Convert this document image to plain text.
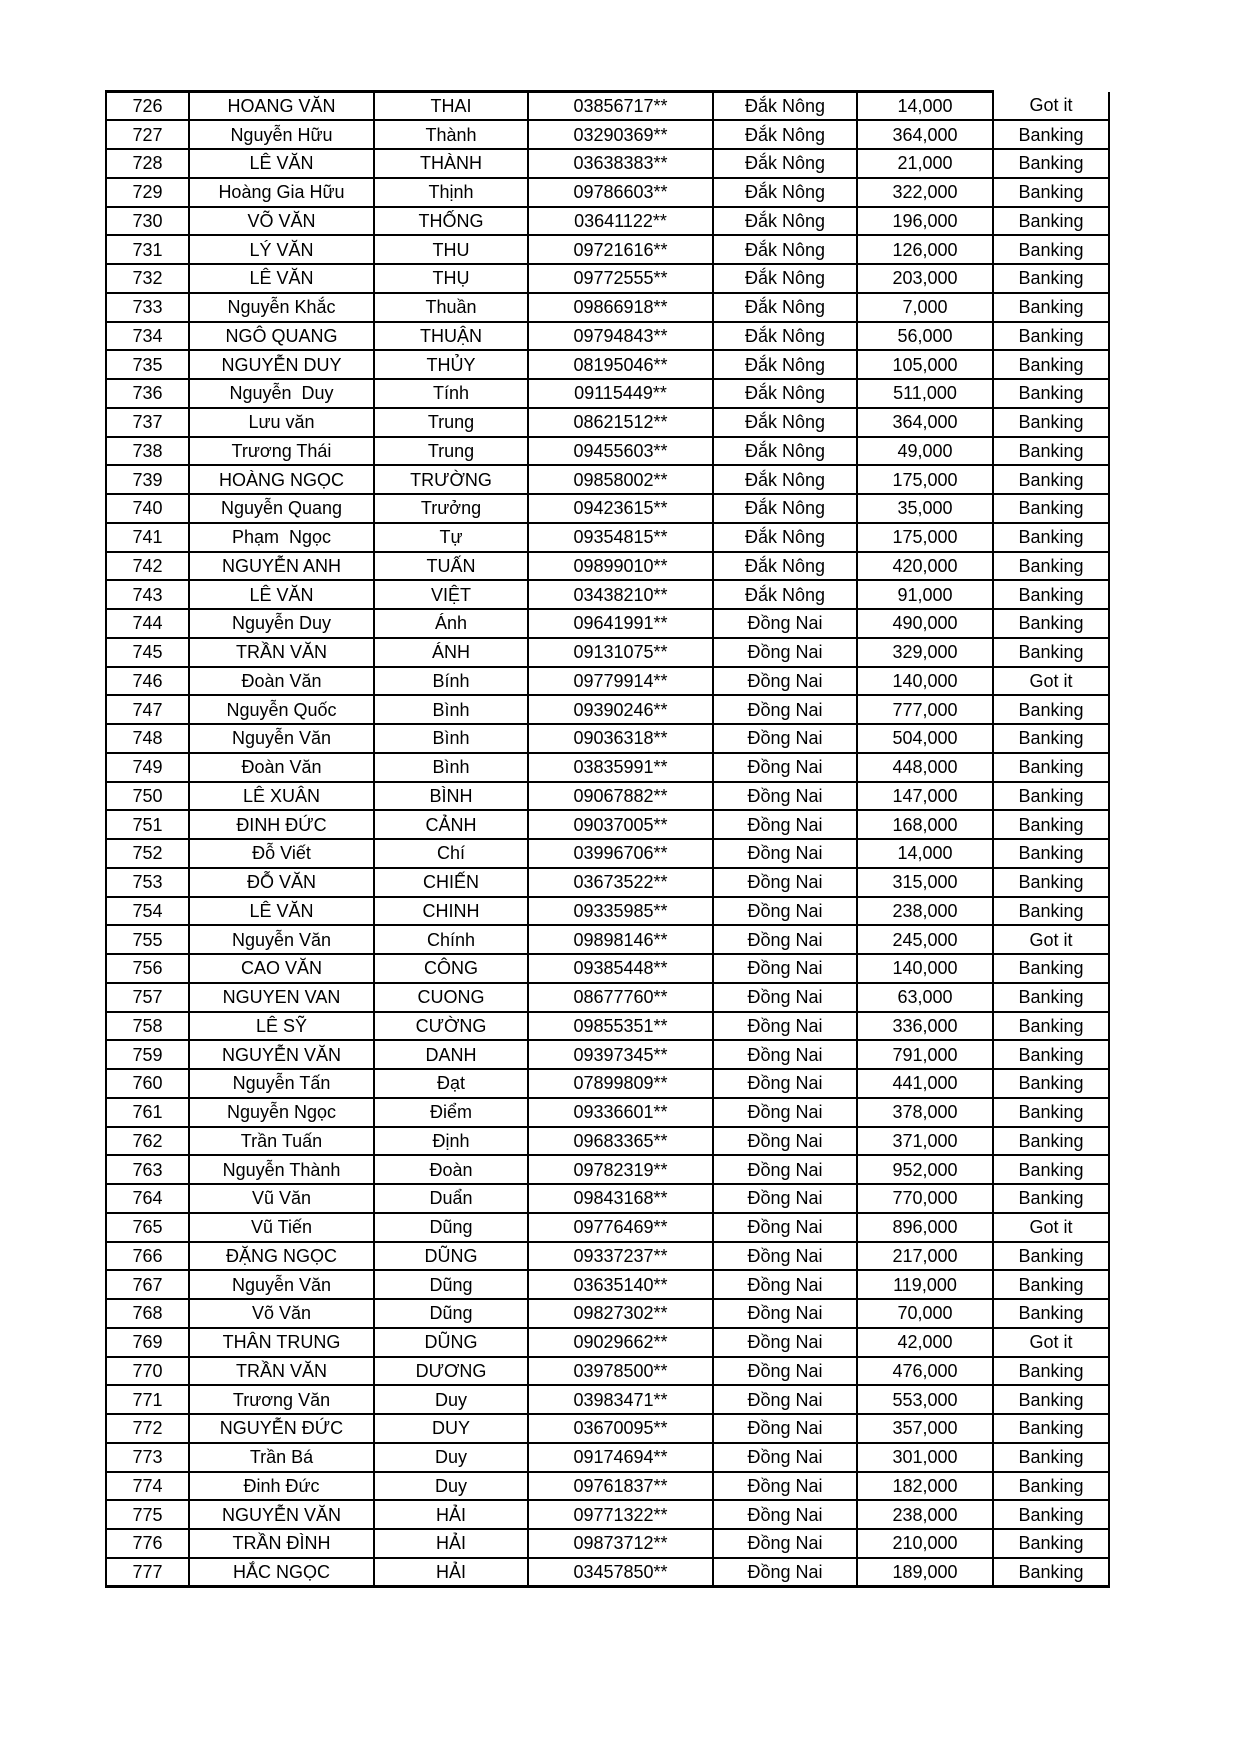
726	HOANG VĂN	THAI	03856717**	Đắk Nông	14,000	Got it
727	Nguyễn Hữu	Thành	03290369**	Đắk Nông	364,000	Banking
728	LÊ VĂN	THÀNH	03638383**	Đắk Nông	21,000	Banking
729	Hoàng Gia Hữu	Thịnh	09786603**	Đắk Nông	322,000	Banking
730	VÕ VĂN	THỐNG	03641122**	Đắk Nông	196,000	Banking
731	LÝ VĂN	THU	09721616**	Đắk Nông	126,000	Banking
732	LÊ VĂN	THỤ	09772555**	Đắk Nông	203,000	Banking
733	Nguyễn Khắc	Thuần	09866918**	Đắk Nông	7,000	Banking
734	NGÔ QUANG	THUẬN	09794843**	Đắk Nông	56,000	Banking
735	NGUYỄN DUY	THỦY	08195046**	Đắk Nông	105,000	Banking
736	Nguyễn  Duy	Tính	09115449**	Đắk Nông	511,000	Banking
737	Lưu văn	Trung	08621512**	Đắk Nông	364,000	Banking
738	Trương Thái	Trung	09455603**	Đắk Nông	49,000	Banking
739	HOÀNG NGỌC	TRƯỜNG	09858002**	Đắk Nông	175,000	Banking
740	Nguyễn Quang	Trưởng	09423615**	Đắk Nông	35,000	Banking
741	Phạm  Ngọc	Tự	09354815**	Đắk Nông	175,000	Banking
742	NGUYỄN ANH	TUẤN	09899010**	Đắk Nông	420,000	Banking
743	LÊ VĂN	VIỆT	03438210**	Đắk Nông	91,000	Banking
744	Nguyễn Duy	Ánh	09641991**	Đồng Nai	490,000	Banking
745	TRẦN VĂN	ÁNH	09131075**	Đồng Nai	329,000	Banking
746	Đoàn Văn	Bính	09779914**	Đồng Nai	140,000	Got it
747	Nguyễn Quốc	Bình	09390246**	Đồng Nai	777,000	Banking
748	Nguyễn Văn	Bình	09036318**	Đồng Nai	504,000	Banking
749	Đoàn Văn	Bình	03835991**	Đồng Nai	448,000	Banking
750	LÊ XUÂN	BÌNH	09067882**	Đồng Nai	147,000	Banking
751	ĐINH ĐỨC	CẢNH	09037005**	Đồng Nai	168,000	Banking
752	Đỗ Viết	Chí	03996706**	Đồng Nai	14,000	Banking
753	ĐỖ VĂN	CHIẾN	03673522**	Đồng Nai	315,000	Banking
754	LÊ VĂN	CHINH	09335985**	Đồng Nai	238,000	Banking
755	Nguyễn Văn	Chính	09898146**	Đồng Nai	245,000	Got it
756	CAO VĂN	CÔNG	09385448**	Đồng Nai	140,000	Banking
757	NGUYEN VAN	CUONG	08677760**	Đồng Nai	63,000	Banking
758	LÊ SỸ	CƯỜNG	09855351**	Đồng Nai	336,000	Banking
759	NGUYỄN VĂN	DANH	09397345**	Đồng Nai	791,000	Banking
760	Nguyễn Tấn	Đạt	07899809**	Đồng Nai	441,000	Banking
761	Nguyễn Ngọc	Điểm	09336601**	Đồng Nai	378,000	Banking
762	Trần Tuấn	Định	09683365**	Đồng Nai	371,000	Banking
763	Nguyễn Thành	Đoàn	09782319**	Đồng Nai	952,000	Banking
764	Vũ Văn	Duẩn	09843168**	Đồng Nai	770,000	Banking
765	Vũ Tiến	Dũng	09776469**	Đồng Nai	896,000	Got it
766	ĐẶNG NGỌC	DŨNG	09337237**	Đồng Nai	217,000	Banking
767	Nguyễn Văn	Dũng	03635140**	Đồng Nai	119,000	Banking
768	Võ Văn	Dũng	09827302**	Đồng Nai	70,000	Banking
769	THÂN TRUNG	DŨNG	09029662**	Đồng Nai	42,000	Got it
770	TRẦN VĂN	DƯƠNG	03978500**	Đồng Nai	476,000	Banking
771	Trương Văn	Duy	03983471**	Đồng Nai	553,000	Banking
772	NGUYỄN ĐỨC	DUY	03670095**	Đồng Nai	357,000	Banking
773	Trần Bá	Duy	09174694**	Đồng Nai	301,000	Banking
774	Đinh Đức	Duy	09761837**	Đồng Nai	182,000	Banking
775	NGUYỄN VĂN	HẢI	09771322**	Đồng Nai	238,000	Banking
776	TRẦN ĐÌNH	HẢI	09873712**	Đồng Nai	210,000	Banking
777	HẮC NGỌC	HẢI	03457850**	Đồng Nai	189,000	Banking
